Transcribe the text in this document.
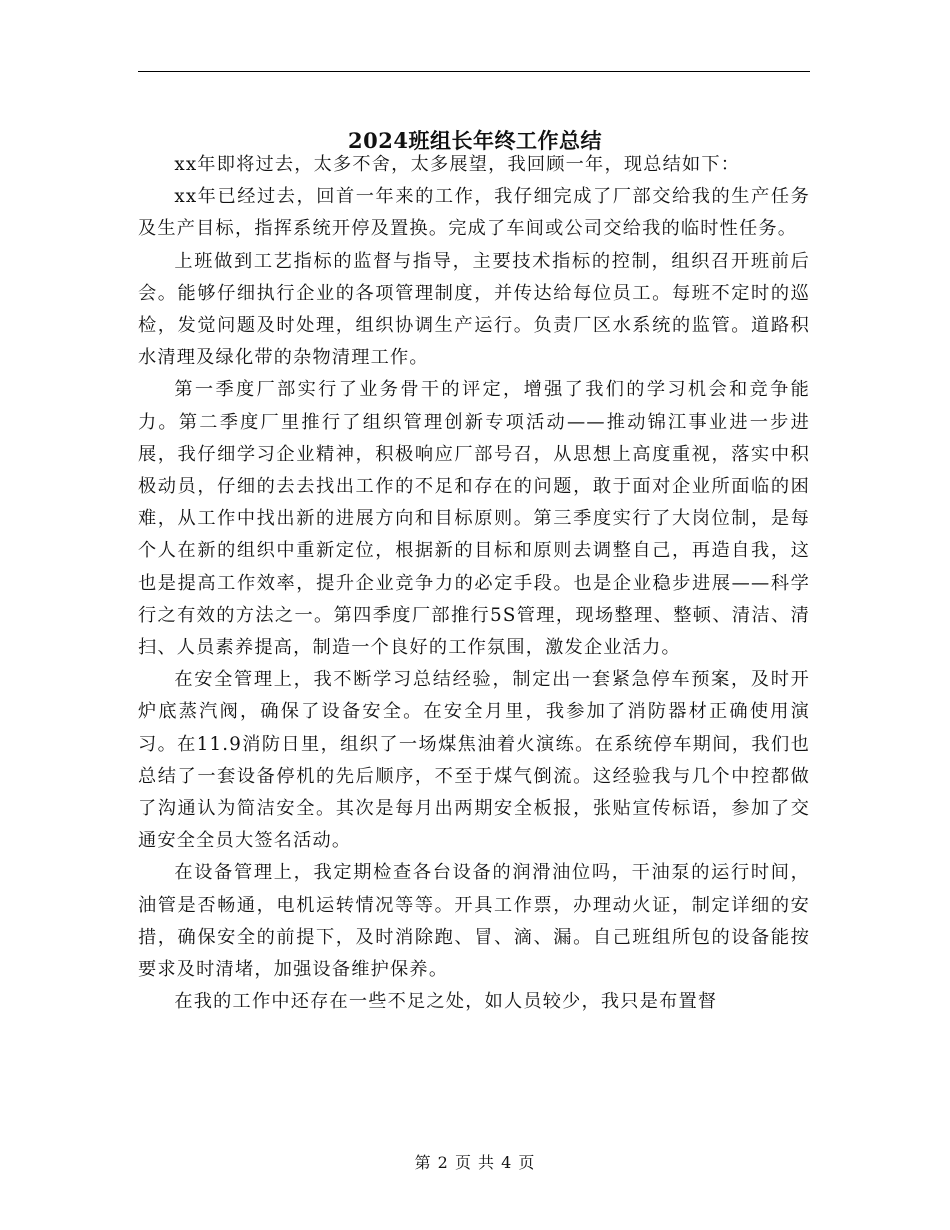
2024班组长年终工作总结

xx年即将过去，太多不舍，太多展望，我回顾一年，现总结如下：

xx年已经过去，回首一年来的工作，我仔细完成了厂部交给我的生产任务及生产目标，指挥系统开停及置换。完成了车间或公司交给我的临时性任务。

上班做到工艺指标的监督与指导，主要技术指标的控制，组织召开班前后会。能够仔细执行企业的各项管理制度，并传达给每位员工。每班不定时的巡检，发觉问题及时处理，组织协调生产运行。负责厂区水系统的监管。道路积水清理及绿化带的杂物清理工作。

第一季度厂部实行了业务骨干的评定，增强了我们的学习机会和竞争能力。第二季度厂里推行了组织管理创新专项活动——推动锦江事业进一步进展，我仔细学习企业精神，积极响应厂部号召，从思想上高度重视，落实中积极动员，仔细的去去找出工作的不足和存在的问题，敢于面对企业所面临的困难，从工作中找出新的进展方向和目标原则。第三季度实行了大岗位制，是每个人在新的组织中重新定位，根据新的目标和原则去调整自己，再造自我，这也是提高工作效率，提升企业竞争力的必定手段。也是企业稳步进展——科学行之有效的方法之一。第四季度厂部推行5S管理，现场整理、整顿、清洁、清扫、人员素养提高，制造一个良好的工作氛围，激发企业活力。

在安全管理上，我不断学习总结经验，制定出一套紧急停车预案，及时开炉底蒸汽阀，确保了设备安全。在安全月里，我参加了消防器材正确使用演习。在11.9消防日里，组织了一场煤焦油着火演练。在系统停车期间，我们也总结了一套设备停机的先后顺序，不至于煤气倒流。这经验我与几个中控都做了沟通认为简洁安全。其次是每月出两期安全板报，张贴宣传标语，参加了交通安全全员大签名活动。

在设备管理上，我定期检查各台设备的润滑油位吗，干油泵的运行时间，油管是否畅通，电机运转情况等等。开具工作票，办理动火证，制定详细的安措，确保安全的前提下，及时消除跑、冒、滴、漏。自己班组所包的设备能按要求及时清堵，加强设备维护保养。

在我的工作中还存在一些不足之处，如人员较少，我只是布置督

第 2 页 共 4 页
